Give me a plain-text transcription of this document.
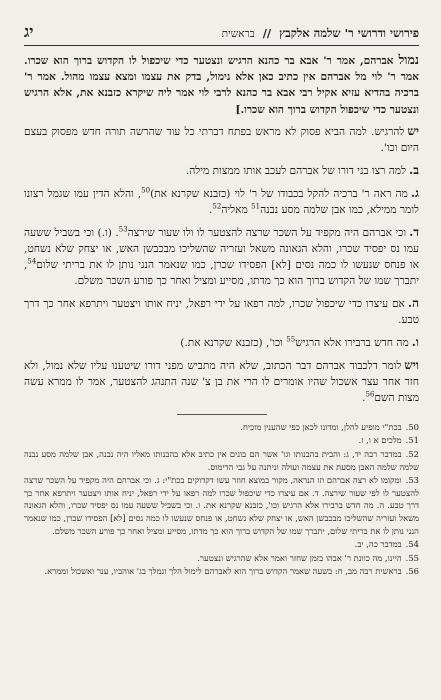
פירושי ודרושי ר' שלמה אלקבץ // בראשית
יג

נמול אברהם, אמר ר' אבא בר כהנא הרגיש ונצטער כדי שיכפול לו הקדוש ברוך הוא שכרו. אמר ר' לוי מל אברהם אין כתיב כאן אלא נימול, בדק את עצמו ומצא עצמו מהול. אמר ר' ברכיה בהדיא עזיא אקיל רבי אבא בר כהנא לרבי לוי אמר ליה שיקרא כזבנא את, אלא הרגיש ונצטער כדי שיכפול הקדוש ברוך הוא שכרו.]

ישלהרגיש. למה הביא פסוק לא מראש בפתח דברתי כל עוד שהרשה תורה חדש מפסוק בעצם היום וכו'.

ב.למה רצו בני דורו של אברהם לעכב אותו ממצות מילה.

ג.מה ראה ר' ברכיה להקל בכבודו של ר' לוי (כזבנא שקרנא את)$^{50}$, והלא הדין עמו שגמל רצונו לומר ממילא, כמו אבן שלמה מסע נבנה$^{51}$ מאליה$^{52}$.

ד.וכי אברהם היה מקפיד על השכר שרצה להצטער לו ולו שעור שירצה$^{53}$. (ו.) וכי בשביל ששעה עמו נס יפסיד שכרו, והלא הגאונה משאל ועזריה שהשליכו מבכבשן האש, או יצחק שלא נשחט, או פנחס שנעשו לו כמה נסים [לא] הפסידו שכרן, כמו שנאמר הנני נותן לו את בריתי שלום$^{54}$, יתברך שמו של הקדוש ברוך הוא כך מדתו, מסייע ומציל ואחר כך פורע השכר משלם.

ה.אם עיצרו כדי שיכפול שכרו, למה רפאו על ידי רפאל, יניח אותו ויצטער ויתרפא אחר כך דרך טבע.

ו.מה חדש ברבירו אלא הרגיש$^{55}$ וכו', (כזבנא שקרנא את.)

וישלומר דלכבוד אברהם דבר הכתוב, שלא היה מתביש מפני דורו שיטענו עליו שלא נמול, ולא חזר אחר עצר אשכול שהיו אומרים לו הרי את בן צ' שנה התנהג להצטער, אמר לו ממרא עשה מצות השם$^{56}$.

50.בכת"י מופיע להלן, ומדונו לכאן כפי שהענין מוכיח.

51.מלכים א ו, ז.

52.במדבר רבה יד, ג: והבית בהבנותו וגו' אשר הם בונים אין כתיב אלא בהבנותו מאליו היה נבנה, אבן שלמה מסע נבנה שלמה שלמה האבן מסעת את עצמה ועולה וניתנה על גבי הדימוס.

53.ומקומו לא רצה אברהם וזו הנראה, מקור במוצא חוזר עשו דקדוקים בכת"י: ג. וכי אברהם היה מקפיד על השכר שרצה להצטער לו לפי שעור שירצה. ד. אם עיצרו כדי שיכפול שכרו למה רפאו על ידי רפאל, יניח אותו ויצטער ויתרפא אחר כך דרך טבע. ה. מה חדש ברבירו אלא הרגיש וכו', כזבנא שקרנא את. ו. וכי בשביל ששעה עמו נס יפסיד שכרו, והלא הגאונה משאל ועזריה שהשליכו מבכבשן האש, או יצחק שלא נשחט, או פנחס שנעשו לו כמה נסים [לא] הפסידו שכרן, כמו שנאמר הנני נותן לו את בריתי שלום, יתברך שמו של הקדוש ברוך הוא כך מדתו, מסייע ומציל ואחר כך פורע השכר משלם.

54.במדבר כה, יב.

55.היינו, מה כוונת ר' אבהו בזמן שחזר ואמר אלא שהרגיש ונצטער.

56.בראשית רבה מב, ח: בשעה שאמר הקדוש ברוך הוא לאברהם לימול הלך ונמלך בג' אוהביו, ענר ואשכול וממרא.
